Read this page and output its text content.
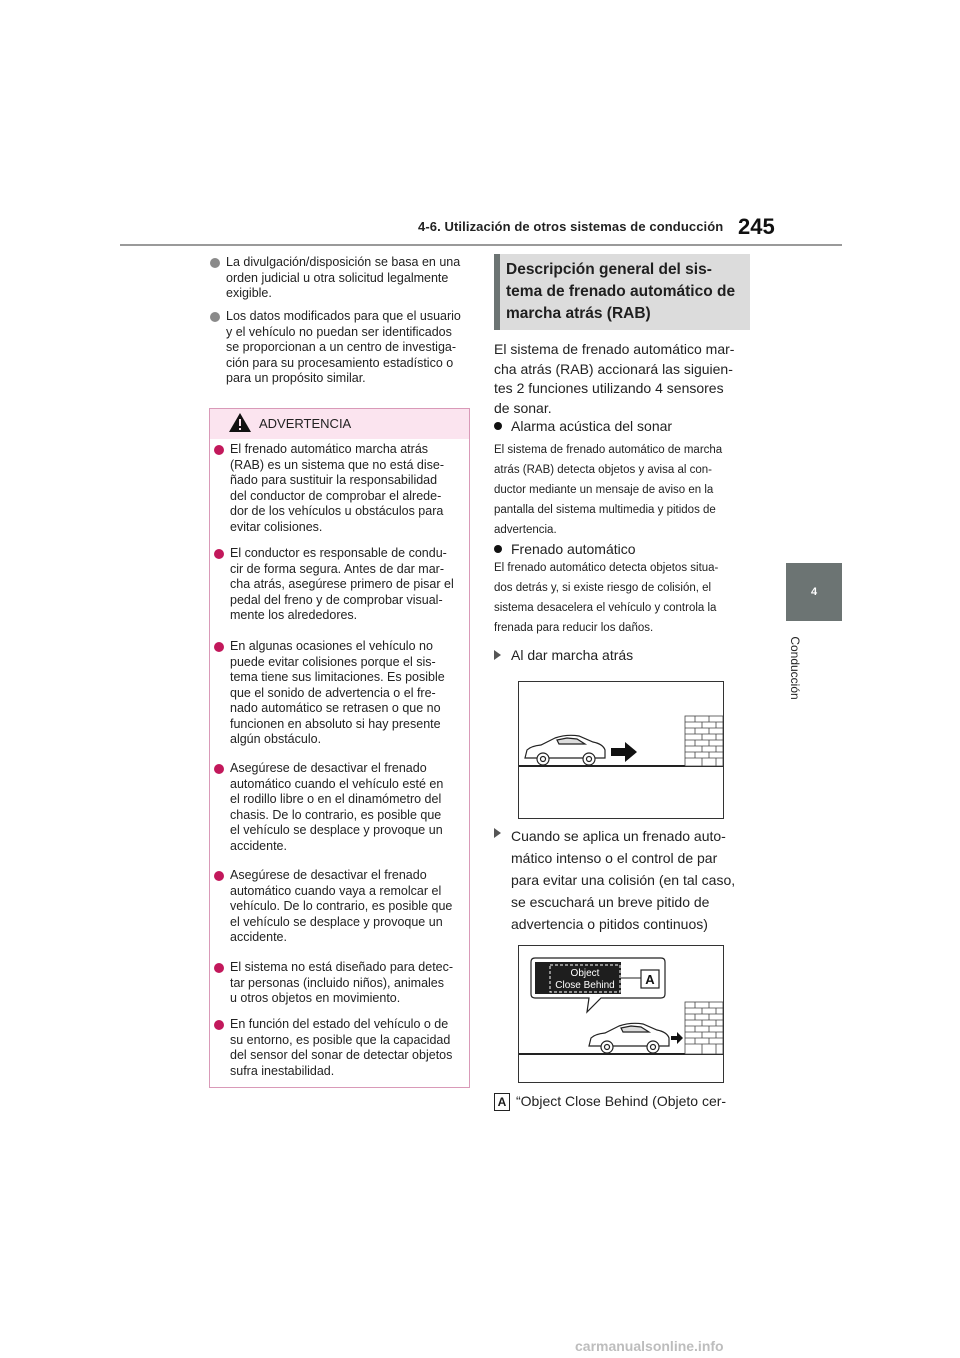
4-6. Utilización de otros sistemas de conducción 245
4
Conducción
La divulgación/disposición se basa en una
orden judicial u otra solicitud legalmente
exigible.
Los datos modificados para que el usuario
y el vehículo no puedan ser identificados
se proporcionan a un centro de investiga-
ción para su procesamiento estadístico o
para un propósito similar.
ADVERTENCIA
El frenado automático marcha atrás
(RAB) es un sistema que no está dise-
ñado para sustituir la responsabilidad
del conductor de comprobar el alrede-
dor de los vehículos u obstáculos para
evitar colisiones.
El conductor es responsable de condu-
cir de forma segura. Antes de dar mar-
cha atrás, asegúrese primero de pisar el
pedal del freno y de comprobar visual-
mente los alrededores.
En algunas ocasiones el vehículo no
puede evitar colisiones porque el sis-
tema tiene sus limitaciones. Es posible
que el sonido de advertencia o el fre-
nado automático se retrasen o que no
funcionen en absoluto si hay presente
algún obstáculo.
Asegúrese de desactivar el frenado
automático cuando el vehículo esté en
el rodillo libre o en el dinamómetro del
chasis. De lo contrario, es posible que
el vehículo se desplace y provoque un
accidente.
Asegúrese de desactivar el frenado
automático cuando vaya a remolcar el
vehículo. De lo contrario, es posible que
el vehículo se desplace y provoque un
accidente.
El sistema no está diseñado para detec-
tar personas (incluido niños), animales
u otros objetos en movimiento.
En función del estado del vehículo o de
su entorno, es posible que la capacidad
del sensor del sonar de detectar objetos
sufra inestabilidad.
Descripción general del sis-
tema de frenado automático de
marcha atrás (RAB)
El sistema de frenado automático mar-
cha atrás (RAB) accionará las siguien-
tes 2 funciones utilizando 4 sensores
de sonar.
Alarma acústica del sonar
El sistema de frenado automático de marcha
atrás (RAB) detecta objetos y avisa al con-
ductor mediante un mensaje de aviso en la
pantalla del sistema multimedia y pitidos de
advertencia.
Frenado automático
El frenado automático detecta objetos situa-
dos detrás y, si existe riesgo de colisión, el
sistema desacelera el vehículo y controla la
frenada para reducir los daños.
Al dar marcha atrás
Cuando se aplica un frenado auto-
mático intenso o el control de par
para evitar una colisión (en tal caso,
se escuchará un breve pitido de
advertencia o pitidos continuos)
Object
Close Behind A
A “Object Close Behind (Objeto cer-
carmanualsonline.info
